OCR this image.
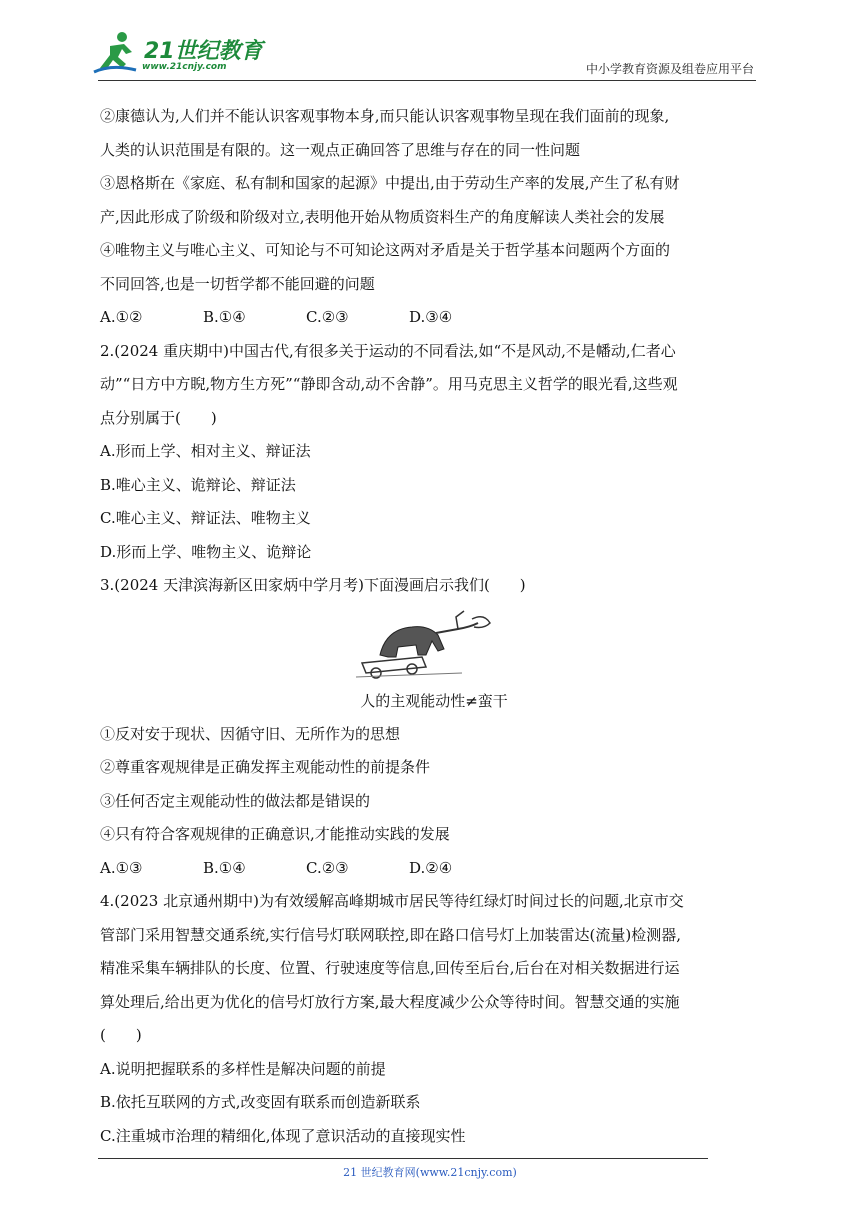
21世纪教育
www.21cnjy.com	中小学教育资源及组卷应用平台
②康德认为,人们并不能认识客观事物本身,而只能认识客观事物呈现在我们面前的现象,
人类的认识范围是有限的。这一观点正确回答了思维与存在的同一性问题
③恩格斯在《家庭、私有制和国家的起源》中提出,由于劳动生产率的发展,产生了私有财
产,因此形成了阶级和阶级对立,表明他开始从物质资料生产的角度解读人类社会的发展
④唯物主义与唯心主义、可知论与不可知论这两对矛盾是关于哲学基本问题两个方面的
不同回答,也是一切哲学都不能回避的问题
A.①②	B.①④	C.②③	D.③④
2.(2024 重庆期中)中国古代,有很多关于运动的不同看法,如“不是风动,不是幡动,仁者心
动”“日方中方睨,物方生方死”“静即含动,动不舍静”。用马克思主义哲学的眼光看,这些观
点分别属于(　　)
A.形而上学、相对主义、辩证法
B.唯心主义、诡辩论、辩证法
C.唯心主义、辩证法、唯物主义
D.形而上学、唯物主义、诡辩论
3.(2024 天津滨海新区田家炳中学月考)下面漫画启示我们(　　)
人的主观能动性≠蛮干
①反对安于现状、因循守旧、无所作为的思想
②尊重客观规律是正确发挥主观能动性的前提条件
③任何否定主观能动性的做法都是错误的
④只有符合客观规律的正确意识,才能推动实践的发展
A.①③	B.①④	C.②③	D.②④
4.(2023 北京通州期中)为有效缓解高峰期城市居民等待红绿灯时间过长的问题,北京市交
管部门采用智慧交通系统,实行信号灯联网联控,即在路口信号灯上加装雷达(流量)检测器,
精准采集车辆排队的长度、位置、行驶速度等信息,回传至后台,后台在对相关数据进行运
算处理后,给出更为优化的信号灯放行方案,最大程度减少公众等待时间。智慧交通的实施
(　　)
A.说明把握联系的多样性是解决问题的前提
B.依托互联网的方式,改变固有联系而创造新联系
C.注重城市治理的精细化,体现了意识活动的直接现实性
21 世纪教育网(www.21cnjy.com)
